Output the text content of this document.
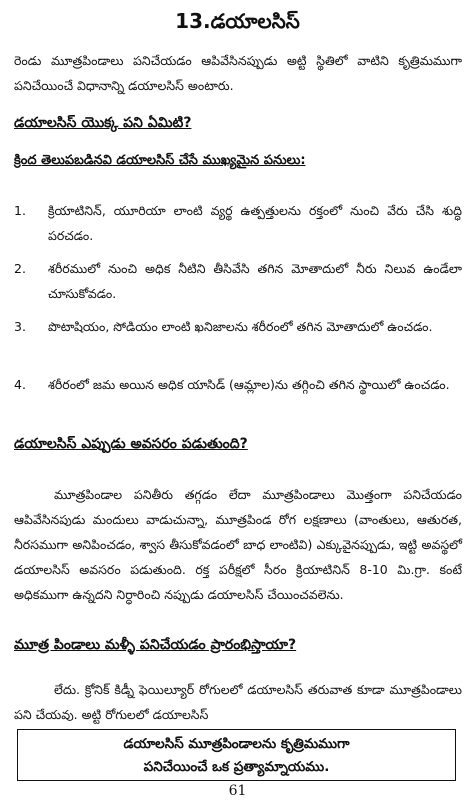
13.డయాలసిస్

రెండు మూత్రపిండాలు పనిచేయడం ఆపివేసినప్పుడు అట్టి స్థితిలో వాటిని కృత్రిమముగా పనిచేయించే విధానాన్ని డయాలసిస్ అంటారు.

డయాలసిస్ యొక్క పని ఏమిటి?
క్రింద తెలుపబడినవి డయాలసిస్ చేసే ముఖ్యమైన పనులు:
1.	క్రియాటినిన్, యూరియా లాంటి వ్యర్థ ఉత్పత్తులను రక్తంలో నుంచి వేరు చేసి శుద్ధి పరచడం.

2.	శరీరములో నుంచి అధిక నీటిని తీసివేసి తగిన మోతాదులో నీరు నిలువ ఉండేలా చూసుకోవడం.

3.	పొటాషియం, సోడియం లాంటి ఖనిజాలను శరీరంలో తగిన మోతాదులో ఉంచడం.

4.	శరీరంలో జమ అయిన అధిక యాసిడ్ (ఆమ్లాల)ను తగ్గించి తగిన స్థాయిలో ఉంచడం.

డయాలసిస్ ఎప్పుడు అవసరం పడుతుంది?

మూత్రపిండాల పనితీరు తగ్గడం లేదా మూత్రపిండాలు మొత్తంగా పనిచేయడం ఆపివేసినపుడు మందులు వాడుచున్నా, మూత్రపిండ రోగ లక్షణాలు (వాంతులు, ఆతురత, నీరసముగా అనిపించడం, శ్వాస తీసుకోవడంలో బాధ లాంటివి) ఎక్కువైనప్పుడు, ఇట్టి అవస్థలో డయాలసిస్ అవసరం పడుతుంది. రక్త పరీక్షలో సీరం క్రియాటినిన్ 8-10 మి.గ్రా. కంటే అధికముగా ఉన్నదని నిర్ధారించి నప్పుడు డయాలసిస్ చేయించవలెను.

మూత్ర పిండాలు మళ్ళీ పనిచేయడం ప్రారంభిస్తాయా?

లేదు. క్రోనిక్ కిడ్నీ ఫెయిల్యూర్ రోగులలో డయాలసిస్ తరువాత కూడా మూత్రపిండాలు పని చేయవు. అట్టి రోగులలో డయాలసిస్

డయాలసిస్ మూత్రపిండాలను కృత్రిమముగా
పనిచేయించే ఒక ప్రత్యామ్నాయము.
61
